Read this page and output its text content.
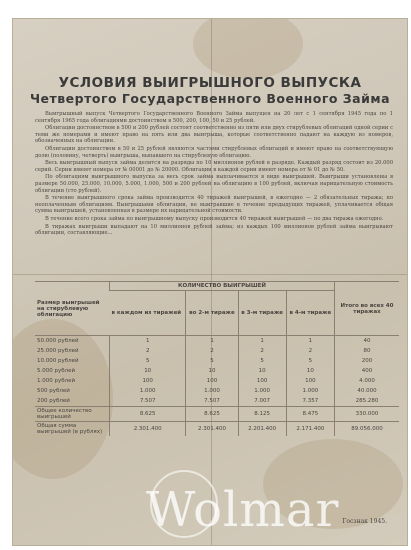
УСЛОВИЯ ВЫИГРЫШНОГО ВЫПУСКА
Четвертого Государственного Военного Займа

Выигрышный выпуск Четвертого Государственного Военного Займа выпущен на 20 лет с 1 сентября 1945 года по 1 сентября 1965 года облигациями достоинством в 500, 200, 100, 50 и 25 рублей.

Облигации достоинством в 500 и 200 рублей состоят соответственно из пяти или двух стирублевых облигаций одной серии с теми же номерами и имеют право на пять или два выигрыша, которые соответственно падают на каждую из номеров, обозначенных на облигации.

Облигации достоинством в 50 и 25 рублей являются частями стирублевых облигаций и имеют право на соответствующую долю (половину, четверть) выигрыша, выпавшего на стирублевую облигацию.

Весь выигрышный выпуск займа делится на разряды по 10 миллионов рублей в разряде. Каждый разряд состоит из 20.000 серий. Серии имеют номера от № 00001 до № 20000. Облигации в каждой серии имеют номера от № 01 до № 50.

По облигациям выигрышного выпуска за весь срок займа выплачивается в виде выигрышей. Выигрыши установлены в размере 50.000, 25.000, 10.000, 5.000, 1.000, 500 и 200 рублей на облигацию в 100 рублей, включая нарицательную стоимость облигации (сто рублей).

В течение выигрышного срока займа производится 40 тиражей выигрышей, в ежегодно — 2 обязательных тиража; по неоплаченным облигациям. Выигрышами облигации, не выигравшие в течение предыдущих тиражей, уплачивается общая сумма выигрышей, установленная в размере их нарицательной стоимости.

В течение всего срока займа по выигрышному выпуску производится 40 тиражей выигрышей — по два тиража ежегодно.

В тиражах выигрыши выпадают на 10 миллионов рублей займа; из каждых 100 миллионов рублей займа выигрывают облигации, составляющие...

Размер выигрышей на стирублевую облигацию	КОЛИЧЕСТВО ВЫИГРЫШЕЙ				Итого во всех 40 тиражах
	в каждом из тиражей	во 2-м тираже	в 3-м тираже	в 4-м тираже	
50.000 рублей	1	1	1	1	40
25.000 рублей	2	2	2	2	80
10.000 рублей	5	5	5	5	200
5.000 рублей	10	10	10	10	400
1.000 рублей	100	100	100	100	4.000
500 рублей	1.000	1.000	1.000	1.000	40.000
200 рублей	7.507	7.507	7.007	7.357	285.280
Общее количество выигрышей	8.625	8.625	8.125	8.475	330.000
Общая сумма выигрышей (в рублях)	2.301.400	2.301.400	2.201.400	2.171.400	89.056.000
Госзнак 1945.
Wolmar
